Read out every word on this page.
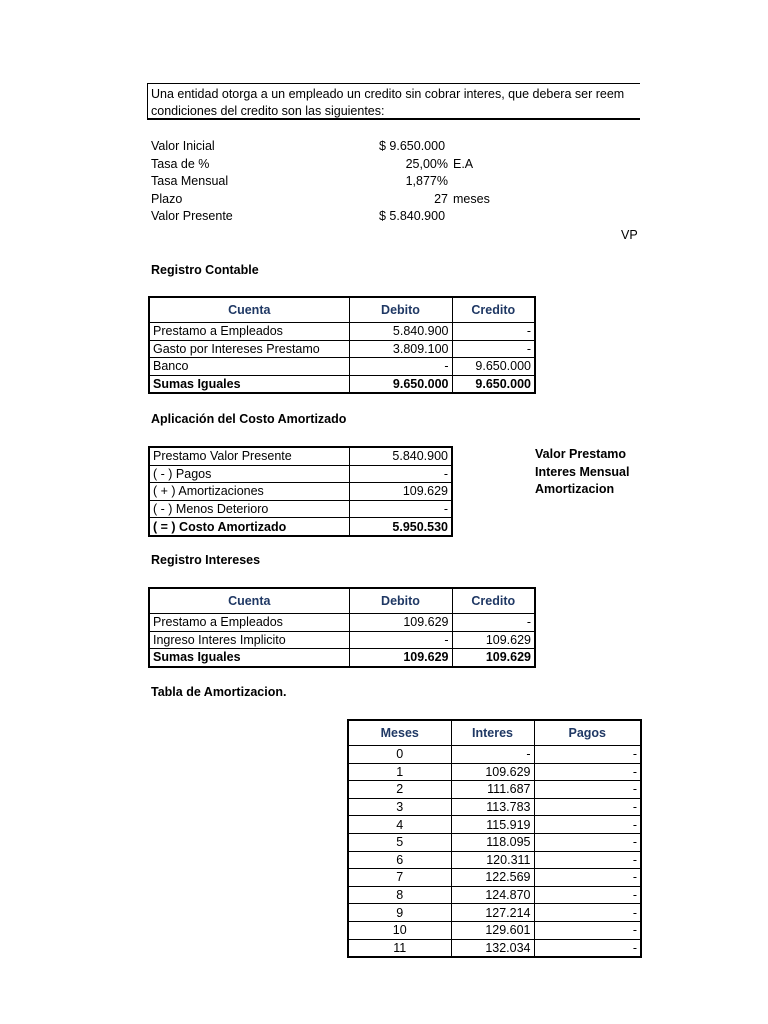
Una entidad otorga a un empleado un credito sin cobrar interes, que debera ser reem
condiciones del credito son las siguientes:
Valor Inicial	$ 9.650.000
Tasa de %	25,00% E.A
Tasa Mensual	1,877%
Plazo	27 meses
Valor Presente	$ 5.840.900
VP
Registro Contable
Cuenta	Debito	Credito
Prestamo a Empleados	5.840.900	-
Gasto por Intereses Prestamo	3.809.100	-
Banco	-	9.650.000
Sumas Iguales	9.650.000	9.650.000
Aplicación del Costo Amortizado
Prestamo Valor Presente	5.840.900
( - ) Pagos	-
( + ) Amortizaciones	109.629
( - ) Menos Deterioro	-
( = ) Costo Amortizado	5.950.530
Valor Prestamo
Interes Mensual
Amortizacion
Registro Intereses
Cuenta	Debito	Credito
Prestamo a Empleados	109.629	-
Ingreso Interes Implicito	-	109.629
Sumas Iguales	109.629	109.629
Tabla de Amortizacion.
Meses	Interes	Pagos
0	-	-
1	109.629	-
2	111.687	-
3	113.783	-
4	115.919	-
5	118.095	-
6	120.311	-
7	122.569	-
8	124.870	-
9	127.214	-
10	129.601	-
11	132.034	-
